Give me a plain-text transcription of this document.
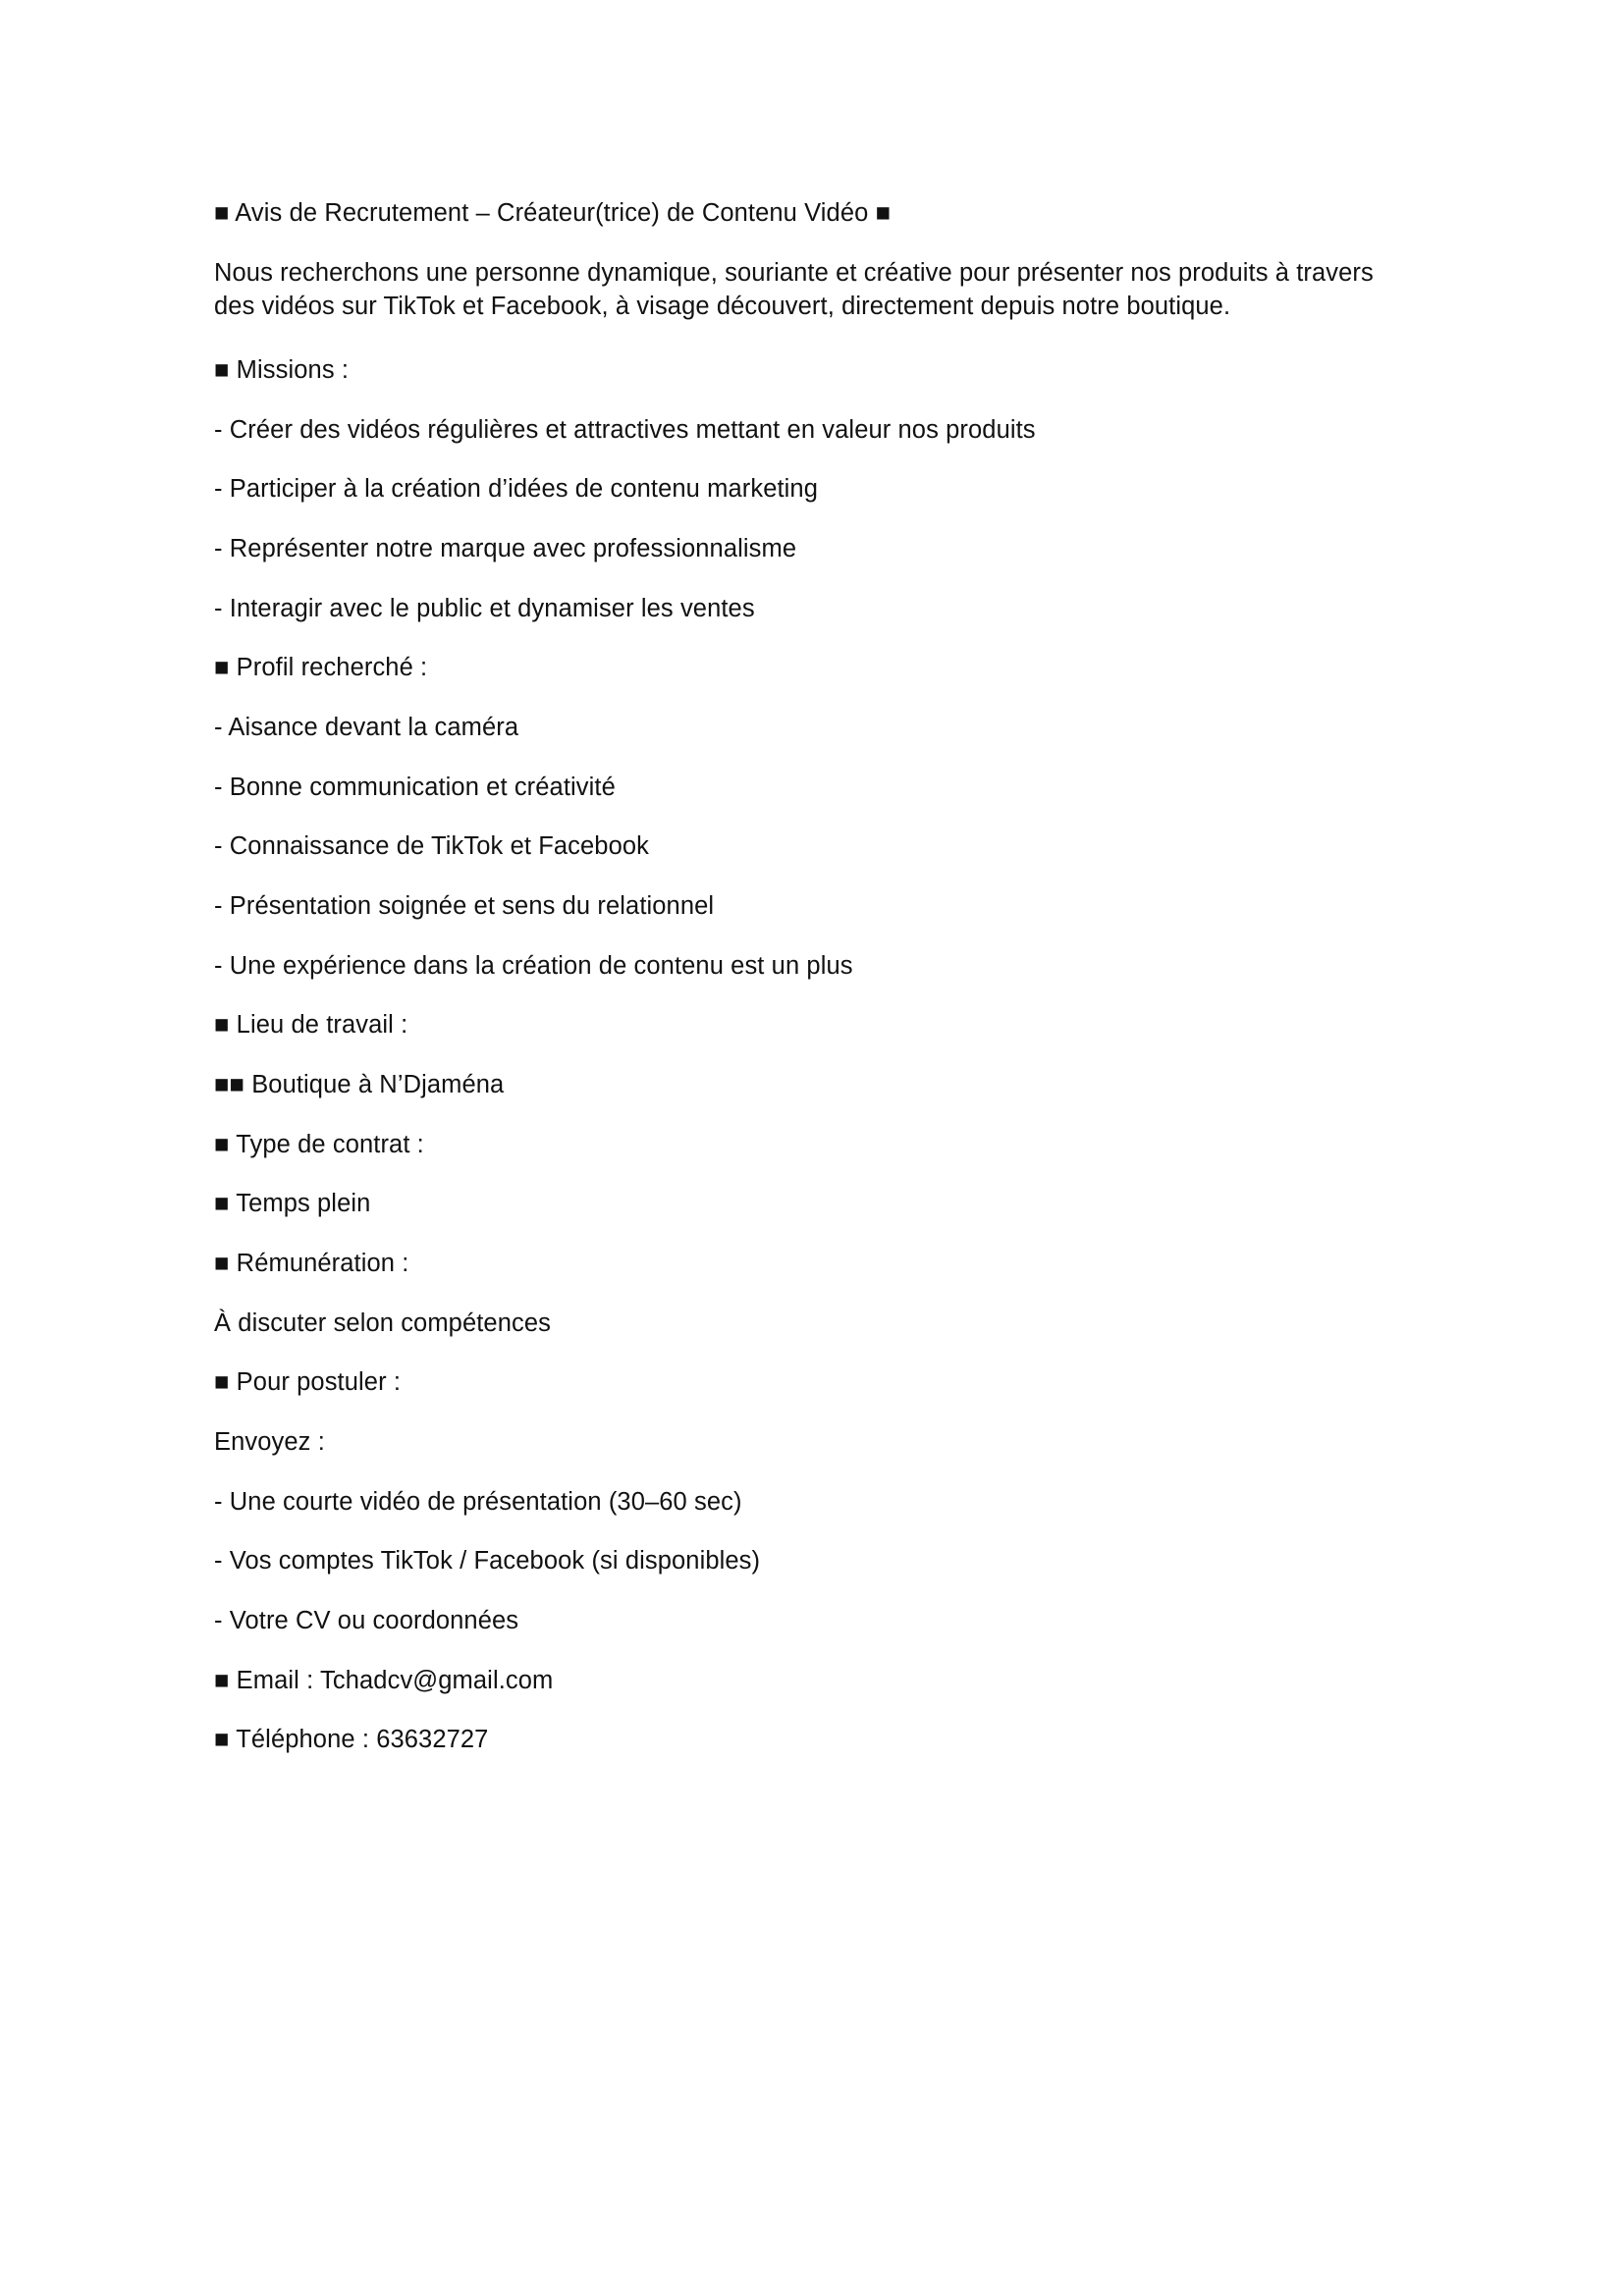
■ Avis de Recrutement – Créateur(trice) de Contenu Vidéo ■

Nous recherchons une personne dynamique, souriante et créative pour présenter nos produits à travers des vidéos sur TikTok et Facebook, à visage découvert, directement depuis notre boutique.

■ Missions :

- Créer des vidéos régulières et attractives mettant en valeur nos produits

- Participer à la création d’idées de contenu marketing

- Représenter notre marque avec professionnalisme

- Interagir avec le public et dynamiser les ventes

■ Profil recherché :

- Aisance devant la caméra

- Bonne communication et créativité

- Connaissance de TikTok et Facebook

- Présentation soignée et sens du relationnel

- Une expérience dans la création de contenu est un plus

■ Lieu de travail :

■■ Boutique à N’Djaména

■ Type de contrat :

■ Temps plein

■ Rémunération :

À discuter selon compétences

■ Pour postuler :

Envoyez :

- Une courte vidéo de présentation (30–60 sec)

- Vos comptes TikTok / Facebook (si disponibles)

- Votre CV ou coordonnées

■ Email : Tchadcv@gmail.com

■ Téléphone : 63632727
